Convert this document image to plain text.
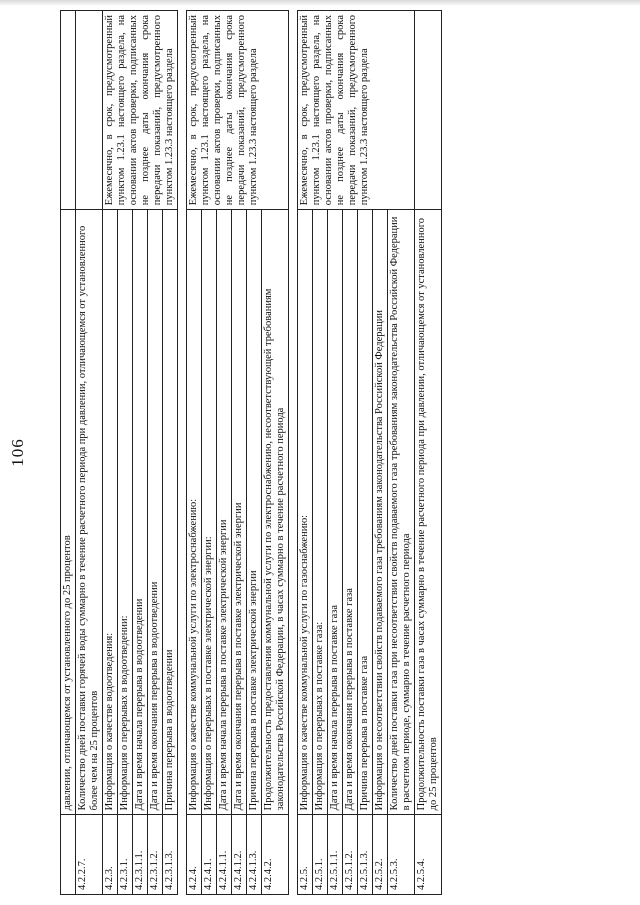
106
	давлении, отличающемся от установленного до 25 процентов	
4.2.2.7.	Количество дней поставки горячей воды суммарно в течение расчетного периода при давлении, отличающемся от установленного более чем на 25 процентов	
4.2.3.	Информация о качестве водоотведения:	Ежемесячно, в срок, предусмотренный пунктом 1.23.1 настоящего раздела, на основании актов проверки, подписанных не позднее даты окончания срока передачи показаний, предусмотренного пунктом 1.23.3 настоящего раздела
4.2.3.1.	Информация о перерывах в водоотведении:	
4.2.3.1.1.	Дата и время начала перерыва в водоотведении	
4.2.3.1.2.	Дата и время окончания перерыва в водоотведении	
4.2.3.1.3.	Причина перерыва в водоотведении	

4.2.4.	Информация о качестве коммунальной услуги по электроснабжению:	Ежемесячно, в срок, предусмотренный пунктом 1.23.1 настоящего раздела, на основании актов проверки, подписанных не позднее даты окончания срока передачи показаний, предусмотренного пунктом 1.23.3 настоящего раздела
4.2.4.1.	Информация о перерывах в поставке электрической энергии:	
4.2.4.1.1.	Дата и время начала перерыва в поставке электрической энергии	
4.2.4.1.2.	Дата и время окончания перерыва в поставке электрической энергии	
4.2.4.1.3.	Причина перерыва в поставке электрической энергии	
4.2.4.2.	Продолжительность предоставления коммунальной услуги по электроснабжению, несоответствующей требованиям законодательства Российской Федерации, в часах суммарно в течение расчетного периода	

4.2.5.	Информация о качестве коммунальной услуги по газоснабжению:	Ежемесячно, в срок, предусмотренный пунктом 1.23.1 настоящего раздела, на основании актов проверки, подписанных не позднее даты окончания срока передачи показаний, предусмотренного пунктом 1.23.3 настоящего раздела
4.2.5.1.	Информация о перерывах в поставке газа:	
4.2.5.1.1.	Дата и время начала перерыва в поставке газа	
4.2.5.1.2.	Дата и время окончания перерыва в поставке газа	
4.2.5.1.3.	Причина перерыва в поставке газа	
4.2.5.2.	Информация о несоответствии свойств подаваемого газа требованиям законодательства Российской Федерации	
4.2.5.3.	Количество дней поставки газа при несоответствии свойств подаваемого газа требованиям законодательства Российской Федерации в расчетном периоде, суммарно в течение расчетного периода	
4.2.5.4.	Продолжительность поставки газа в часах суммарно в течение расчетного периода при давлении, отличающемся от установленного до 25 процентов	
